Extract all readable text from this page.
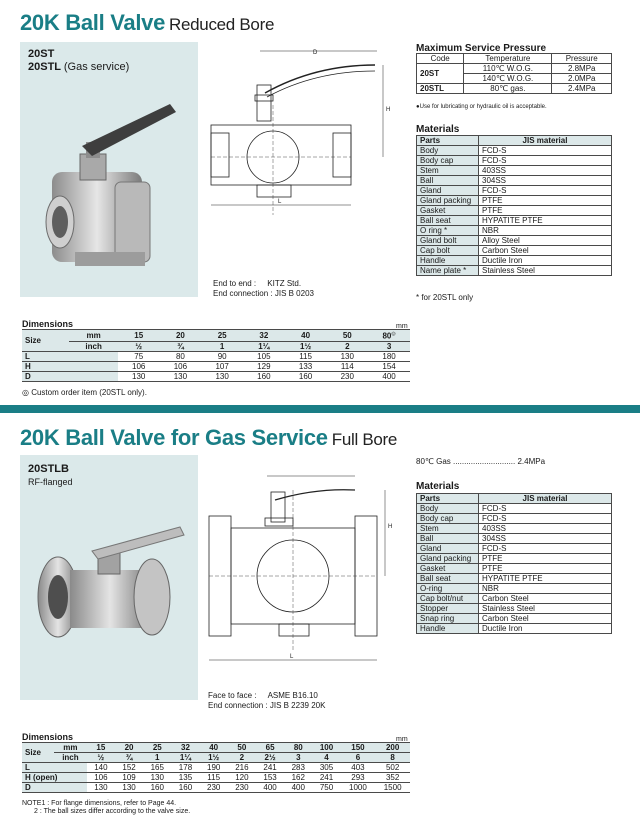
20K Ball Valve Reduced Bore
20ST
20STL (Gas service)
D
L
H
End to end : KITZ Std.
End connection : JIS B 0203
Maximum Service Pressure
Code	Temperature	Pressure
20ST	110℃ W.O.G.	2.8MPa
	140℃ W.O.G.	2.0MPa
20STL	80℃ gas.	2.4MPa
●Use for lubricating or hydraulic oil is acceptable.
Materials
Parts	JIS material
Body	FCD-S
Body cap	FCD-S
Stem	403SS
Ball	304SS
Gland	FCD-S
Gland packing	PTFE
Gasket	PTFE
Ball seat	HYPATITE PTFE
O ring *	NBR
Gland bolt	Alloy Steel
Cap bolt	Carbon Steel
Handle	Ductile Iron
Name plate *	Stainless Steel
* for 20STL only
Dimensions	mm
Size	mm	15	20	25	32	40	50	80◎
	inch	½	¾	1	1¼	1½	2	3
L		75	80	90	105	115	130	180
H		106	106	107	129	133	114	154
D		130	130	130	160	160	230	400
◎ Custom order item (20STL only).
20K Ball Valve for Gas Service Full Bore
20STLB
RF-flanged
L
H
Face to face : ASME B16.10
End connection : JIS B 2239 20K
80℃ Gas ............................ 2.4MPa
Materials
Parts	JIS material
Body	FCD-S
Body cap	FCD-S
Stem	403SS
Ball	304SS
Gland	FCD-S
Gland packing	PTFE
Gasket	PTFE
Ball seat	HYPATITE PTFE
O-ring	NBR
Cap bolt/nut	Carbon Steel
Stopper	Stainless Steel
Snap ring	Carbon Steel
Handle	Ductile Iron
Dimensions	mm
Size	mm	15	20	25	32	40	50	65	80	100	150	200
	inch	½	¾	1	1¼	1½	2	2½	3	4	6	8
L		140	152	165	178	190	216	241	283	305	403	502
H (open)		106	109	130	135	115	120	153	162	241	293	352
D		130	130	160	160	230	230	400	400	750	1000	1500
NOTE1 : For flange dimensions, refer to Page 44.
2 : The ball sizes differ according to the valve size.
